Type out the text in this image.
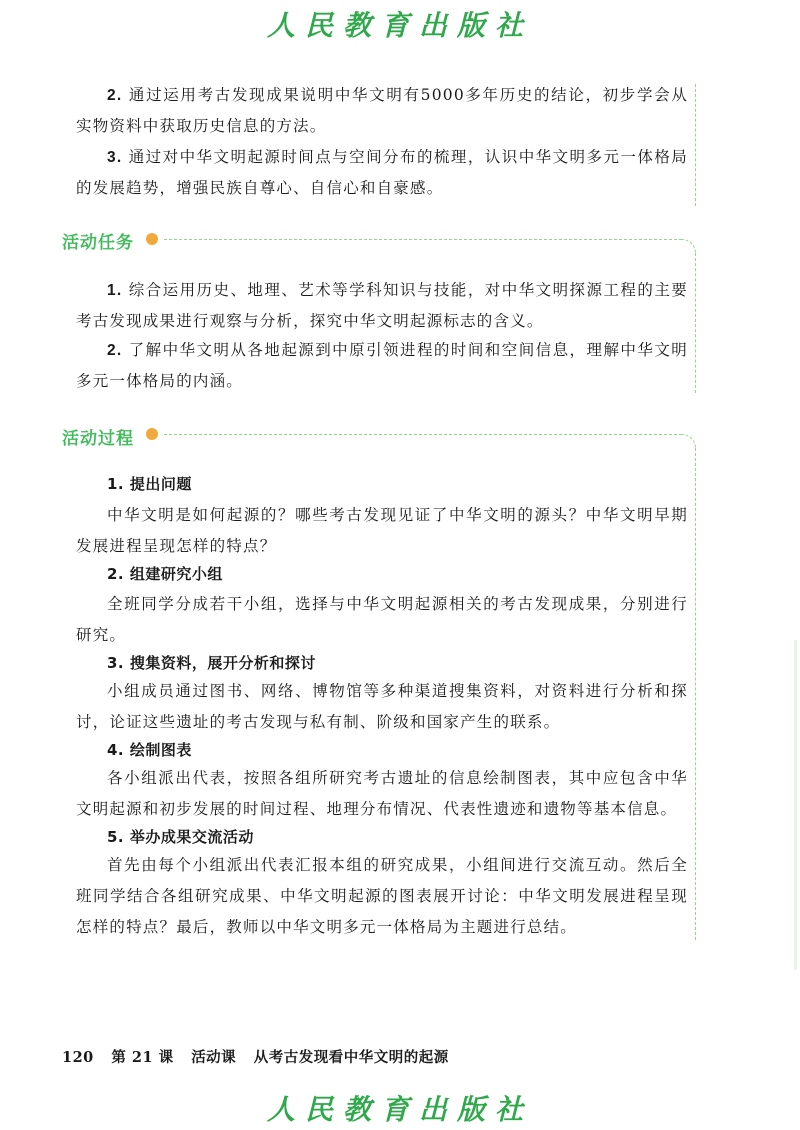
人民教育出版社
2. 通过运用考古发现成果说明中华文明有5000多年历史的结论，初步学会从实物资料中获取历史信息的方法。
3. 通过对中华文明起源时间点与空间分布的梳理，认识中华文明多元一体格局的发展趋势，增强民族自尊心、自信心和自豪感。
活动任务
1. 综合运用历史、地理、艺术等学科知识与技能，对中华文明探源工程的主要考古发现成果进行观察与分析，探究中华文明起源标志的含义。
2. 了解中华文明从各地起源到中原引领进程的时间和空间信息，理解中华文明多元一体格局的内涵。
活动过程
1. 提出问题
中华文明是如何起源的？哪些考古发现见证了中华文明的源头？中华文明早期发展进程呈现怎样的特点？
2. 组建研究小组
全班同学分成若干小组，选择与中华文明起源相关的考古发现成果，分别进行研究。
3. 搜集资料，展开分析和探讨
小组成员通过图书、网络、博物馆等多种渠道搜集资料，对资料进行分析和探讨，论证这些遗址的考古发现与私有制、阶级和国家产生的联系。
4. 绘制图表
各小组派出代表，按照各组所研究考古遗址的信息绘制图表，其中应包含中华文明起源和初步发展的时间过程、地理分布情况、代表性遗迹和遗物等基本信息。
5. 举办成果交流活动
首先由每个小组派出代表汇报本组的研究成果，小组间进行交流互动。然后全班同学结合各组研究成果、中华文明起源的图表展开讨论：中华文明发展进程呈现怎样的特点？最后，教师以中华文明多元一体格局为主题进行总结。
120 第 21 课 活动课 从考古发现看中华文明的起源
人民教育出版社
